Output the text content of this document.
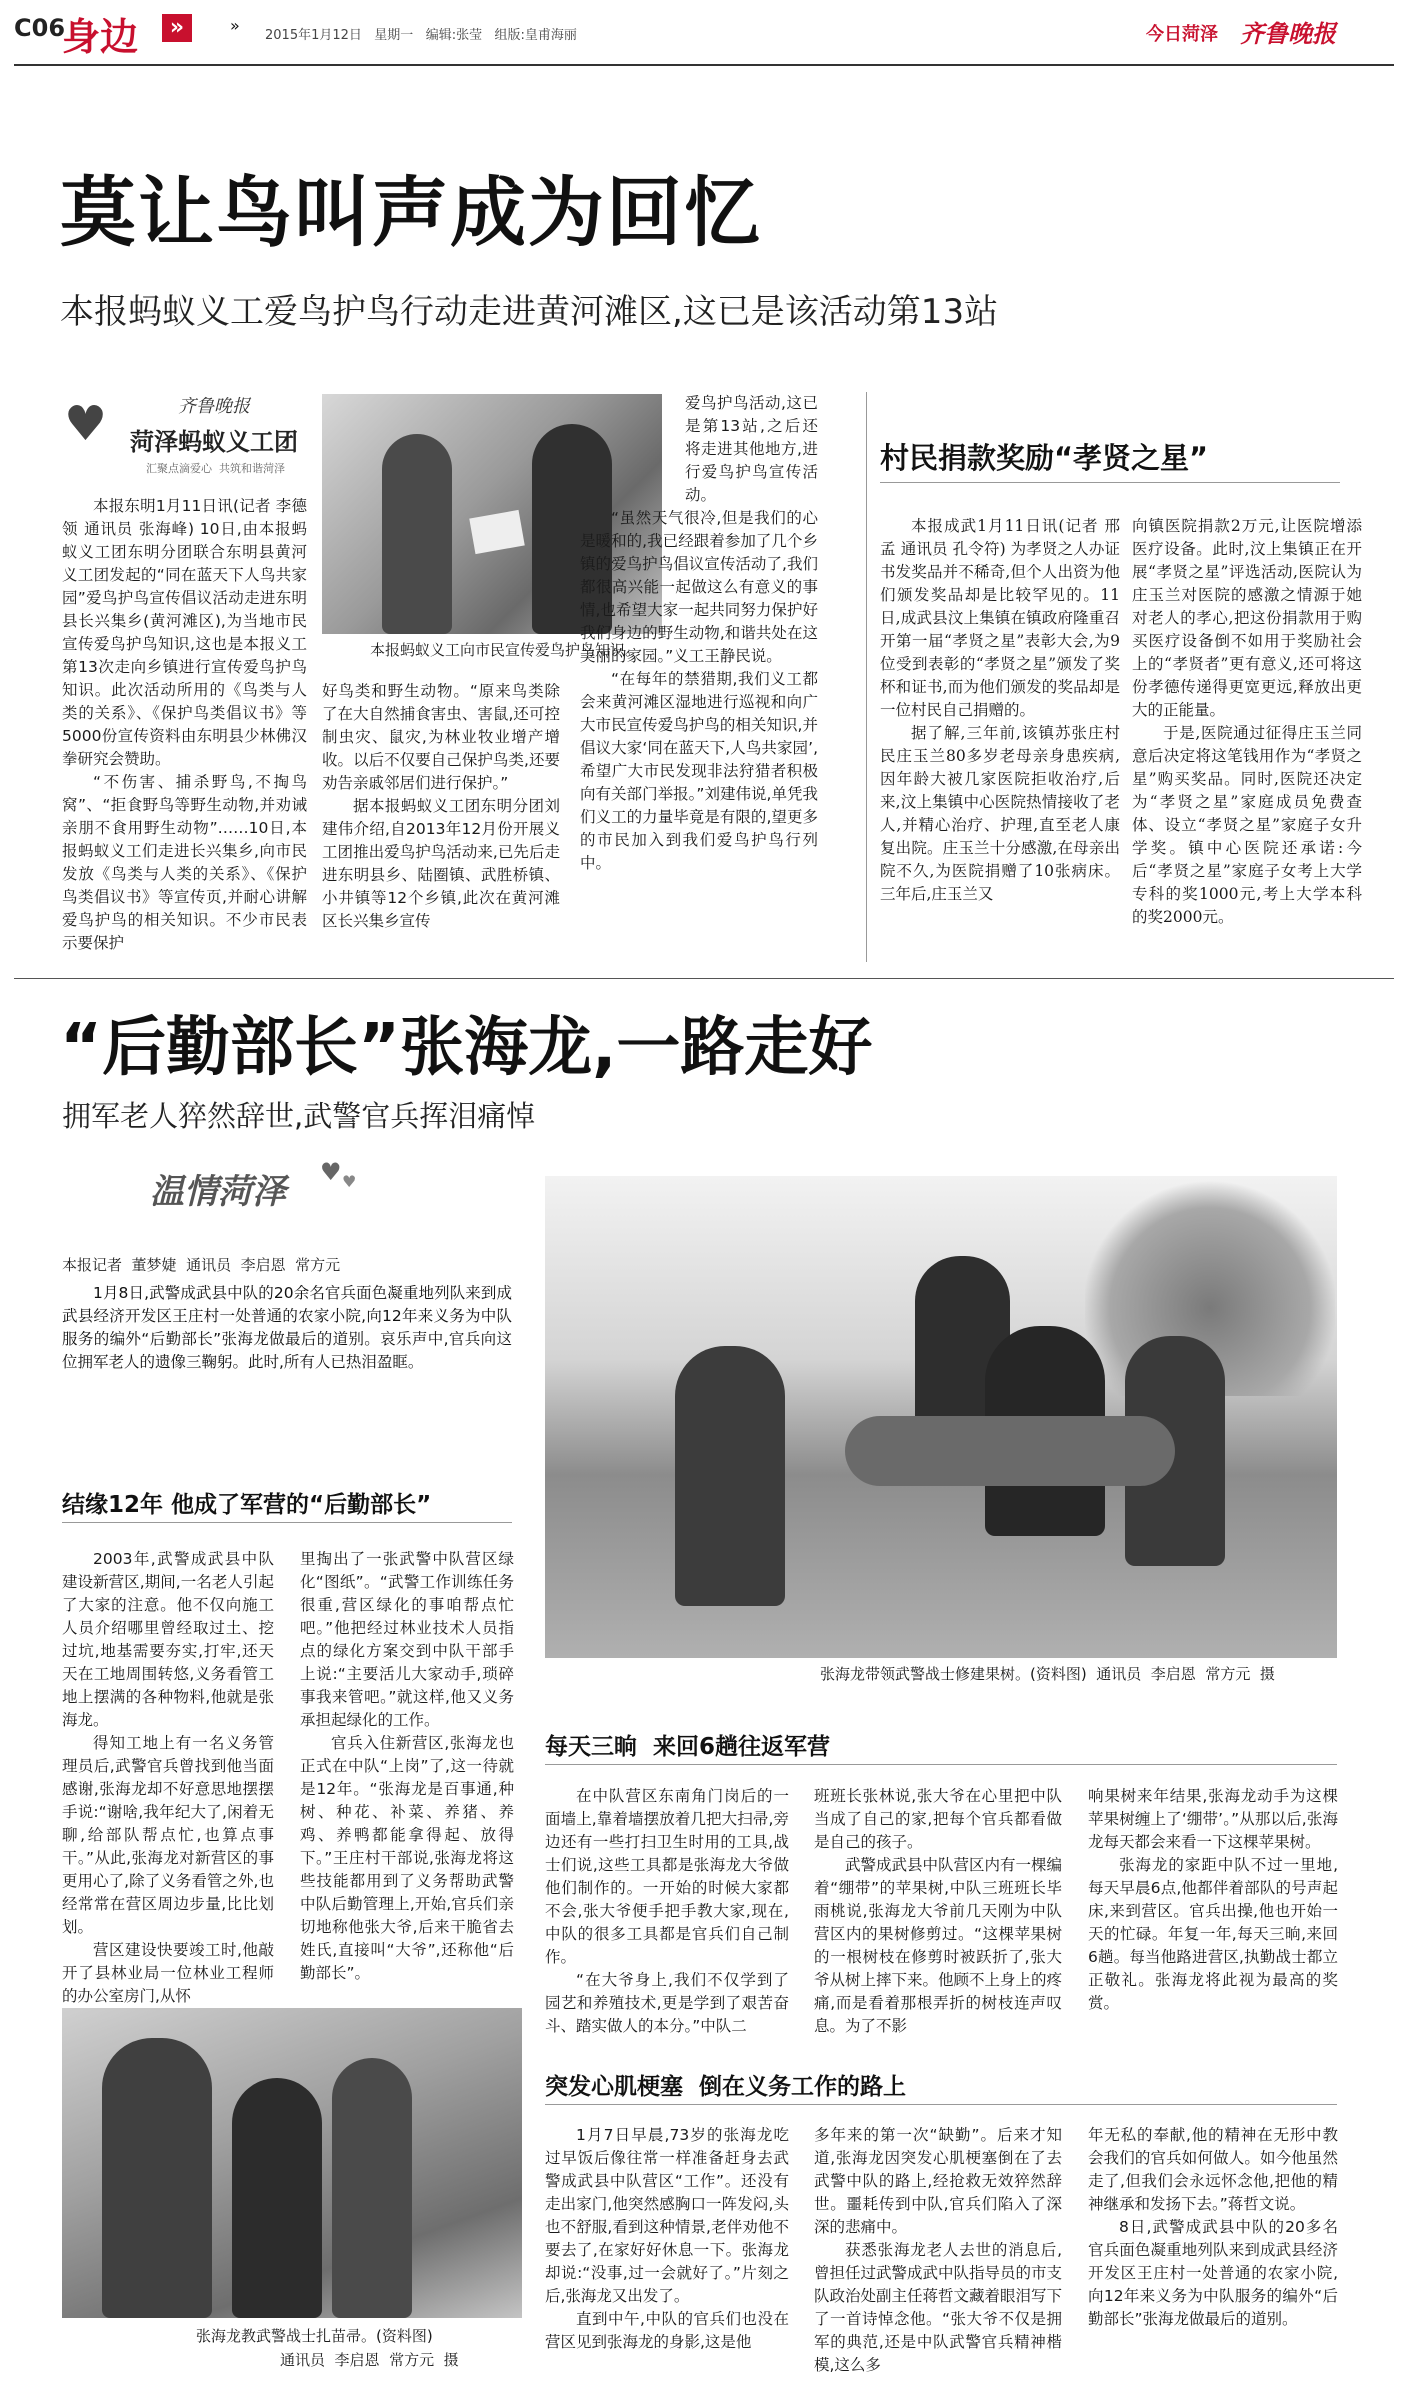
C06
身边	»
»	2015年1月12日   星期一   编辑:张莹   组版:皇甫海丽	今日菏泽 齐鲁晚报
莫让鸟叫声成为回忆
本报蚂蚁义工爱鸟护鸟行动走进黄河滩区,这已是该活动第13站
♥	齐鲁晚报
菏泽蚂蚁义工团
汇聚点滴爱心  共筑和谐菏泽

本报东明1月11日讯(记者 李德领 通讯员 张海峰) 10日,由本报蚂蚁义工团东明分团联合东明县黄河义工团发起的“同在蓝天下人鸟共家园”爱鸟护鸟宣传倡议活动走进东明县长兴集乡(黄河滩区),为当地市民宣传爱鸟护鸟知识,这也是本报义工第13次走向乡镇进行宣传爱鸟护鸟知识。此次活动所用的《鸟类与人类的关系》、《保护鸟类倡议书》等5000份宣传资料由东明县少林佛汉拳研究会赞助。

“不伤害、捕杀野鸟,不掏鸟窝”、“拒食野鸟等野生动物,并劝诫亲朋不食用野生动物”……10日,本报蚂蚁义工们走进长兴集乡,向市民发放《鸟类与人类的关系》、《保护鸟类倡议书》等宣传页,并耐心讲解爱鸟护鸟的相关知识。不少市民表示要保护

本报蚂蚁义工向市民宣传爱鸟护鸟知识。

好鸟类和野生动物。“原来鸟类除了在大自然捕食害虫、害鼠,还可控制虫灾、鼠灾,为林业牧业增产增收。以后不仅要自己保护鸟类,还要劝告亲戚邻居们进行保护。”

据本报蚂蚁义工团东明分团刘建伟介绍,自2013年12月份开展义工团推出爱鸟护鸟活动来,已先后走进东明县乡、陆圈镇、武胜桥镇、小井镇等12个乡镇,此次在黄河滩区长兴集乡宣传

爱鸟护鸟活动,这已是第13站,之后还将走进其他地方,进行爱鸟护鸟宣传活动。

“虽然天气很冷,但是我们的心是暖和的,我已经跟着参加了几个乡镇的爱鸟护鸟倡议宣传活动了,我们都很高兴能一起做这么有意义的事情,也希望大家一起共同努力保护好我们身边的野生动物,和谐共处在这美丽的家园。”义工王静民说。

“在每年的禁猎期,我们义工都会来黄河滩区湿地进行巡视和向广大市民宣传爱鸟护鸟的相关知识,并倡议大家‘同在蓝天下,人鸟共家园’,希望广大市民发现非法狩猎者积极向有关部门举报。”刘建伟说,单凭我们义工的力量毕竟是有限的,望更多的市民加入到我们爱鸟护鸟行列中。

村民捐款奖励“孝贤之星”

本报成武1月11日讯(记者 邢孟 通讯员 孔令符) 为孝贤之人办证书发奖品并不稀奇,但个人出资为他们颁发奖品却是比较罕见的。11日,成武县汶上集镇在镇政府隆重召开第一届“孝贤之星”表彰大会,为9位受到表彰的“孝贤之星”颁发了奖杯和证书,而为他们颁发的奖品却是一位村民自己捐赠的。

据了解,三年前,该镇苏张庄村民庄玉兰80多岁老母亲身患疾病,因年龄大被几家医院拒收治疗,后来,汶上集镇中心医院热情接收了老人,并精心治疗、护理,直至老人康复出院。庄玉兰十分感激,在母亲出院不久,为医院捐赠了10张病床。三年后,庄玉兰又

向镇医院捐款2万元,让医院增添医疗设备。此时,汶上集镇正在开展“孝贤之星”评选活动,医院认为庄玉兰对医院的感激之情源于她对老人的孝心,把这份捐款用于购买医疗设备倒不如用于奖励社会上的“孝贤者”更有意义,还可将这份孝德传递得更宽更远,释放出更大的正能量。

于是,医院通过征得庄玉兰同意后决定将这笔钱用作为“孝贤之星”购买奖品。同时,医院还决定为“孝贤之星”家庭成员免费查体、设立“孝贤之星”家庭子女升学奖。镇中心医院还承诺:今后“孝贤之星”家庭子女考上大学专科的奖1000元,考上大学本科的奖2000元。

“后勤部长”张海龙,一路走好
拥军老人猝然辞世,武警官兵挥泪痛悼
温情菏泽 ♥ ♥
本报记者  董梦婕  通讯员  李启恩  常方元
1月8日,武警成武县中队的20余名官兵面色凝重地列队来到成武县经济开发区王庄村一处普通的农家小院,向12年来义务为中队服务的编外“后勤部长”张海龙做最后的道别。哀乐声中,官兵向这位拥军老人的遗像三鞠躬。此时,所有人已热泪盈眶。
结缘12年 他成了军营的“后勤部长”

2003年,武警成武县中队建设新营区,期间,一名老人引起了大家的注意。他不仅向施工人员介绍哪里曾经取过土、挖过坑,地基需要夯实,打牢,还天天在工地周围转悠,义务看管工地上摆满的各种物料,他就是张海龙。

得知工地上有一名义务管理员后,武警官兵曾找到他当面感谢,张海龙却不好意思地摆摆手说:“谢啥,我年纪大了,闲着无聊,给部队帮点忙,也算点事干。”从此,张海龙对新营区的事更用心了,除了义务看管之外,也经常常在营区周边步量,比比划划。

营区建设快要竣工时,他敲开了县林业局一位林业工程师的办公室房门,从怀

里掏出了一张武警中队营区绿化“图纸”。“武警工作训练任务很重,营区绿化的事咱帮点忙吧。”他把经过林业技术人员指点的绿化方案交到中队干部手上说:“主要活儿大家动手,琐碎事我来管吧。”就这样,他又义务承担起绿化的工作。

官兵入住新营区,张海龙也正式在中队“上岗”了,这一待就是12年。“张海龙是百事通,种树、种花、补菜、养猪、养鸡、养鸭都能拿得起、放得下。”王庄村干部说,张海龙将这些技能都用到了义务帮助武警中队后勤管理上,开始,官兵们亲切地称他张大爷,后来干脆省去姓氏,直接叫“大爷”,还称他“后勤部长”。

张海龙带领武警战士修建果树。(资料图)  通讯员  李启恩  常方元  摄
每天三晌  来回6趟往返军营

在中队营区东南角门岗后的一面墙上,靠着墙摆放着几把大扫帚,旁边还有一些打扫卫生时用的工具,战士们说,这些工具都是张海龙大爷做他们制作的。一开始的时候大家都不会,张大爷便手把手教大家,现在,中队的很多工具都是官兵们自己制作。

“在大爷身上,我们不仅学到了园艺和养殖技术,更是学到了艰苦奋斗、踏实做人的本分。”中队二

班班长张林说,张大爷在心里把中队当成了自己的家,把每个官兵都看做是自己的孩子。

武警成武县中队营区内有一棵编着“绷带”的苹果树,中队三班班长毕雨桃说,张海龙大爷前几天刚为中队营区内的果树修剪过。“这棵苹果树的一根树枝在修剪时被跃折了,张大爷从树上摔下来。他顾不上身上的疼痛,而是看着那根弄折的树枝连声叹息。为了不影

响果树来年结果,张海龙动手为这棵苹果树缠上了‘绷带’。”从那以后,张海龙每天都会来看一下这棵苹果树。

张海龙的家距中队不过一里地,每天早晨6点,他都伴着部队的号声起床,来到营区。官兵出操,他也开始一天的忙碌。年复一年,每天三晌,来回6趟。每当他路进营区,执勤战士都立正敬礼。张海龙将此视为最高的奖赏。

张海龙教武警战士扎苗帚。(资料图)
通讯员  李启恩  常方元  摄
突发心肌梗塞  倒在义务工作的路上

1月7日早晨,73岁的张海龙吃过早饭后像往常一样准备赶身去武警成武县中队营区“工作”。还没有走出家门,他突然感胸口一阵发闷,头也不舒服,看到这种情景,老伴劝他不要去了,在家好好休息一下。张海龙却说:“没事,过一会就好了。”片刻之后,张海龙又出发了。

直到中午,中队的官兵们也没在营区见到张海龙的身影,这是他

多年来的第一次“缺勤”。后来才知道,张海龙因突发心肌梗塞倒在了去武警中队的路上,经抢救无效猝然辞世。噩耗传到中队,官兵们陷入了深深的悲痛中。

获悉张海龙老人去世的消息后,曾担任过武警成武中队指导员的市支队政治处副主任蒋哲文藏着眼泪写下了一首诗悼念他。“张大爷不仅是拥军的典范,还是中队武警官兵精神楷模,这么多

年无私的奉献,他的精神在无形中教会我们的官兵如何做人。如今他虽然走了,但我们会永远怀念他,把他的精神继承和发扬下去。”蒋哲文说。

8日,武警成武县中队的20多名官兵面色凝重地列队来到成武县经济开发区王庄村一处普通的农家小院,向12年来义务为中队服务的编外“后勤部长”张海龙做最后的道别。
